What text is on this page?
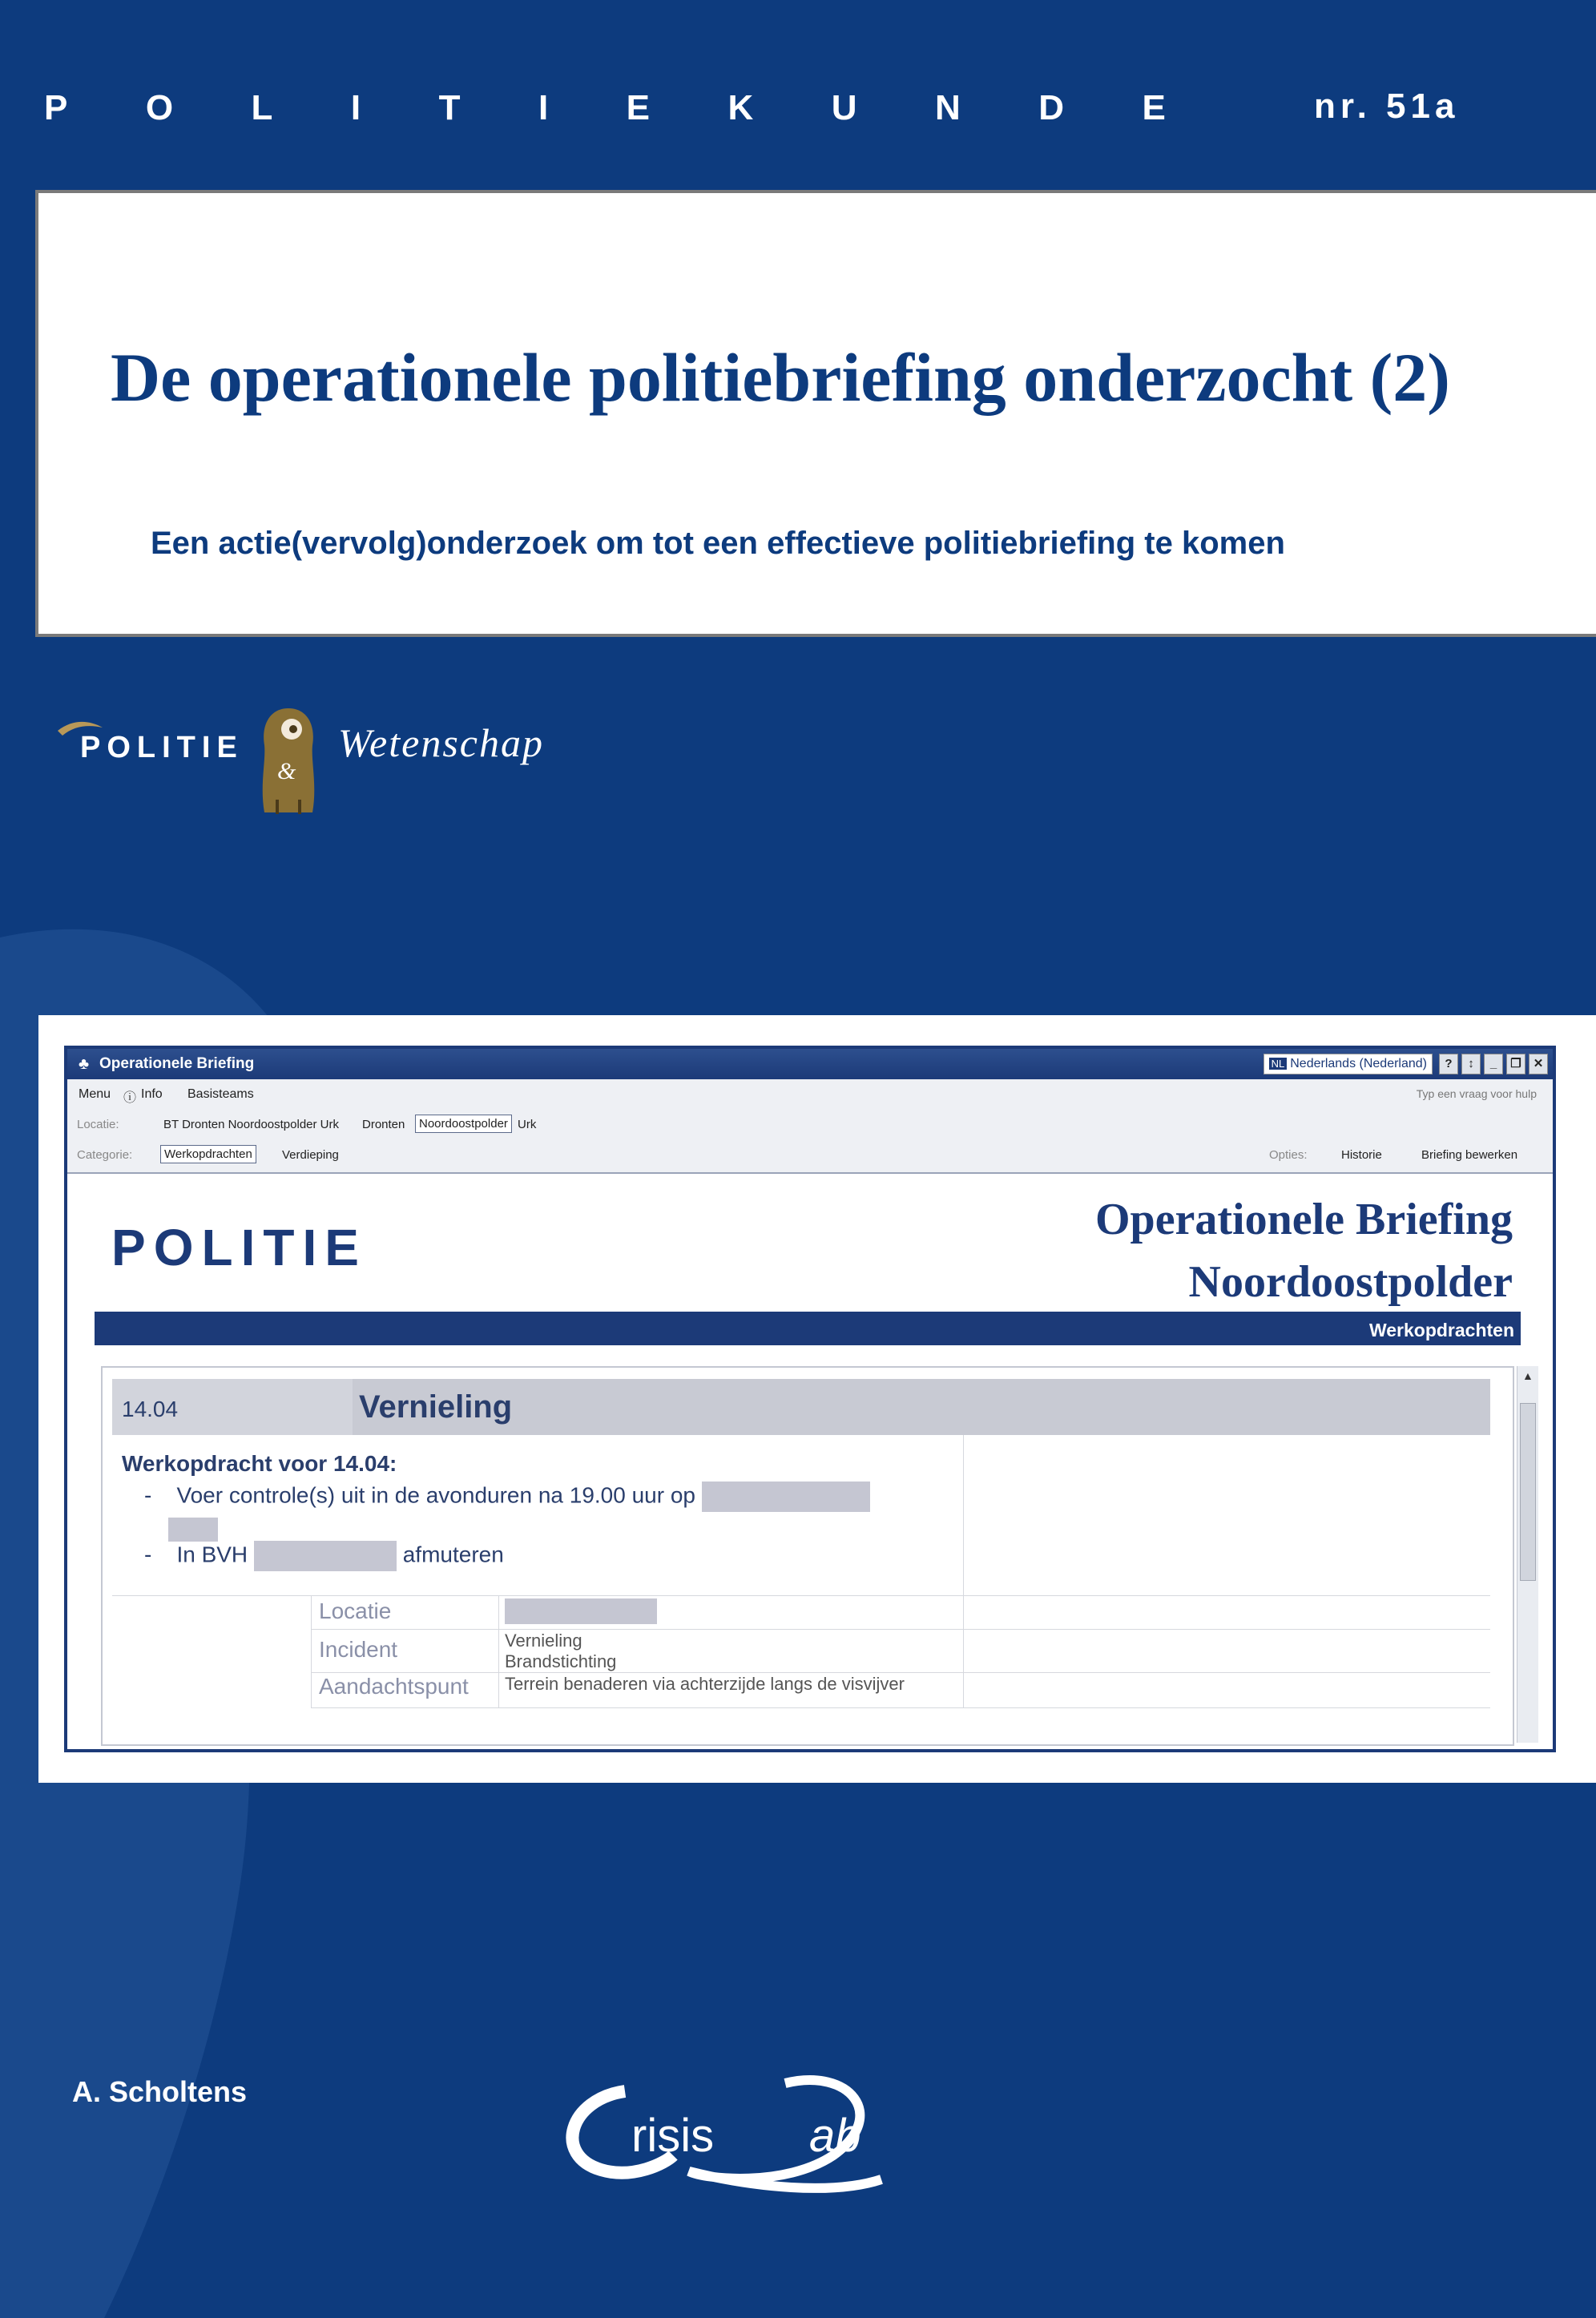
P O L I T I E K U N D E	nr. 51a
De operationele politiebriefing onderzocht (2)
Een actie(vervolg)onderzoek om tot een effectieve politiebriefing te komen
POLITIE
&
Wetenschap
♣ Operationele Briefing	NL Nederlands (Nederland)	?	↕	_	❐ ✕
Menu ⓘ Info Basisteams	Typ een vraag voor hulp
Locatie:	BT Dronten Noordoostpolder Urk Dronten	Noordoostpolder Urk
Categorie:	Werkopdrachten	Verdieping	Opties:	Historie	Briefing bewerken
POLITIE	Operationele Briefing
Noordoostpolder
Werkopdrachten
▲
14.04	Vernieling
Werkopdracht voor 14.04:
- Voer controle(s) uit in de avonduren na 19.00 uur op
- In BVH	afmuteren
Locatie
Incident	Vernieling
Brandstichting
Aandachtspunt Terrein benaderen via achterzijde langs de visvijver
A. Scholtens
risis ab
